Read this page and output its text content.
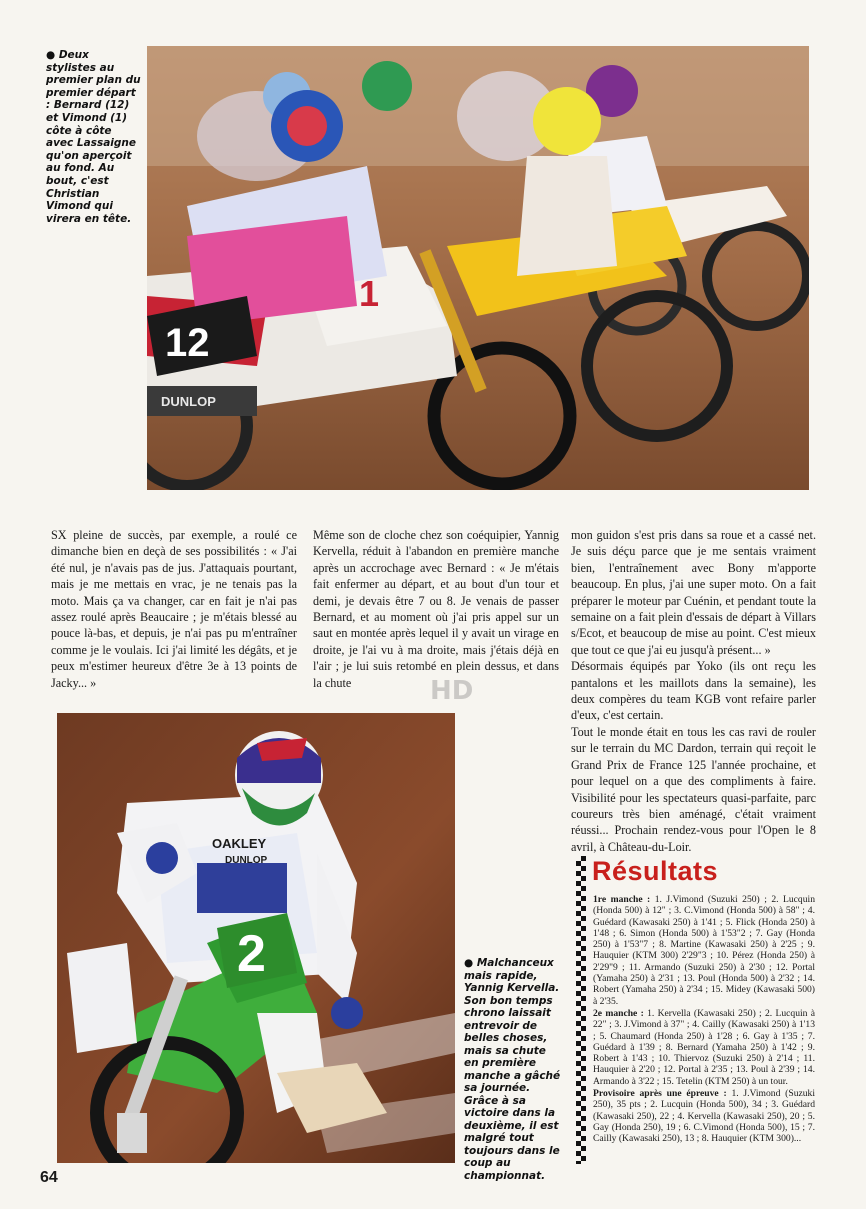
● Deux stylistes au premier plan du premier départ : Bernard (12) et Vimond (1) côte à côte avec Lassaigne qu'on aperçoit au fond. Au bout, c'est Christian Vimond qui virera en tête.
12
1
DUNLOP

SX pleine de succès, par exemple, a roulé ce dimanche bien en deçà de ses possibilités : « J'ai été nul, je n'avais pas de jus. J'attaquais pourtant, mais je me mettais en vrac, je ne tenais pas la moto. Mais ça va changer, car en fait je n'ai pas assez roulé après Beaucaire ; je m'étais blessé au pouce là-bas, et depuis, je n'ai pas pu m'entraîner comme je le voulais. Ici j'ai limité les dégâts, et je peux m'estimer heureux d'être 3e à 13 points de Jacky... »

Même son de cloche chez son coéquipier, Yannig Kervella, réduit à l'abandon en première manche après un accrochage avec Bernard : « Je m'étais fait enfermer au départ, et au bout d'un tour et demi, je devais être 7 ou 8. Je venais de passer Bernard, et au moment où j'ai pris appel sur un saut en montée après lequel il y avait un virage en droite, je l'ai vu à ma droite, mais j'étais déjà en l'air ; je lui suis retombé en plein dessus, et dans la chute

mon guidon s'est pris dans sa roue et a cassé net. Je suis déçu parce que je me sentais vraiment bien, l'entraînement avec Bony m'apporte beaucoup. En plus, j'ai une super moto. On a fait préparer le moteur par Cuénin, et pendant toute la semaine on a fait plein d'essais de départ à Villars s/Ecot, et beaucoup de mise au point. C'est mieux que tout ce que j'ai eu jusqu'à présent... »

Désormais équipés par Yoko (ils ont reçu les pantalons et les maillots dans la semaine), les deux compères du team KGB vont refaire parler d'eux, c'est certain.

Tout le monde était en tous les cas ravi de rouler sur le terrain du MC Dardon, terrain qui reçoit le Grand Prix de France 125 l'année prochaine, et pour lequel on a que des compliments à faire. Visibilité pour les spectateurs quasi-parfaite, parc coureurs très bien aménagé, c'était vraiment réussi... Prochain rendez-vous pour l'Open le 8 avril, à Château-du-Loir.

HD
2
OAKLEY
DUNLOP
● Malchanceux mais rapide, Yannig Kervella. Son bon temps chrono laissait entrevoir de belles choses, mais sa chute en première manche a gâché sa journée. Grâce à sa victoire dans la deuxième, il est malgré tout toujours dans le coup au championnat.
Résultats

1re manche : 1. J.Vimond (Suzuki 250) ; 2. Lucquin (Honda 500) à 12" ; 3. C.Vimond (Honda 500) à 58" ; 4. Guédard (Kawasaki 250) à 1'41 ; 5. Flick (Honda 250) à 1'48 ; 6. Simon (Honda 500) à 1'53"2 ; 7. Gay (Honda 250) à 1'53"7 ; 8. Martine (Kawasaki 250) à 2'25 ; 9. Hauquier (KTM 300) 2'29"3 ; 10. Pérez (Honda 250) à 2'29"9 ; 11. Armando (Suzuki 250) à 2'30 ; 12. Portal (Yamaha 250) à 2'31 ; 13. Poul (Honda 500) à 2'32 ; 14. Robert (Yamaha 250) à 2'34 ; 15. Midey (Kawasaki 500) à 2'35.

2e manche : 1. Kervella (Kawasaki 250) ; 2. Lucquin à 22" ; 3. J.Vimond à 37" ; 4. Cailly (Kawasaki 250) à 1'13 ; 5. Chaumard (Honda 250) à 1'28 ; 6. Gay à 1'35 ; 7. Guédard à 1'39 ; 8. Bernard (Yamaha 250) à 1'42 ; 9. Robert à 1'43 ; 10. Thiervoz (Suzuki 250) à 2'14 ; 11. Hauquier à 2'20 ; 12. Portal à 2'35 ; 13. Poul à 2'39 ; 14. Armando à 3'22 ; 15. Tetelin (KTM 250) à un tour.

Provisoire après une épreuve : 1. J.Vimond (Suzuki 250), 35 pts ; 2. Lucquin (Honda 500), 34 ; 3. Guédard (Kawasaki 250), 22 ; 4. Kervella (Kawasaki 250), 20 ; 5. Gay (Honda 250), 19 ; 6. C.Vimond (Honda 500), 15 ; 7. Cailly (Kawasaki 250), 13 ; 8. Hauquier (KTM 300)...

64
